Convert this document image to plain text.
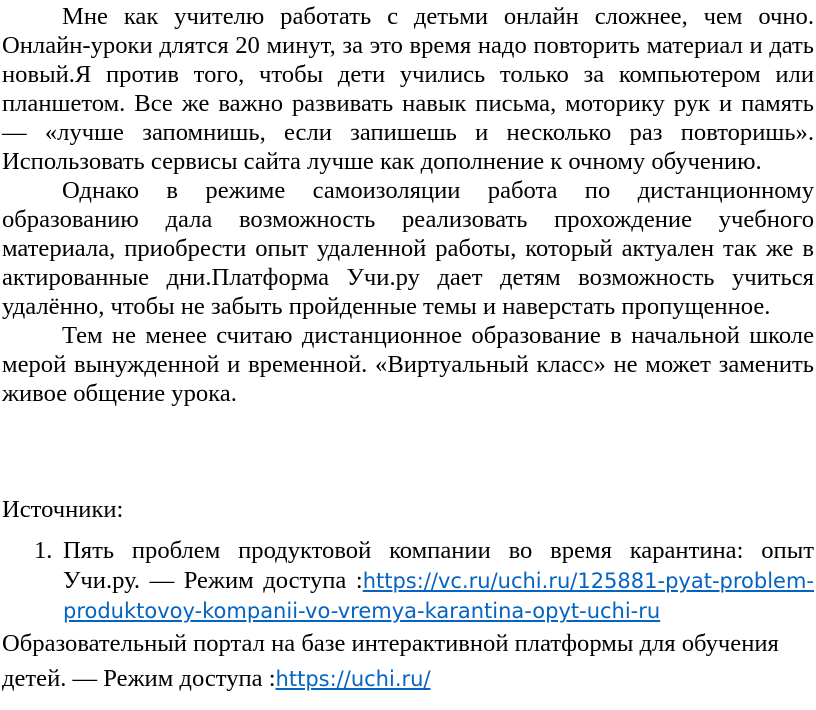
Мне как учителю работать с детьми онлайн сложнее, чем очно. Онлайн-уроки длятся 20 минут, за это время надо повторить материал и дать новый.Я против того, чтобы дети учились только за компьютером или планшетом. Все же важно развивать навык письма, моторику рук и память — «лучше запомнишь, если запишешь и несколько раз повторишь». Использовать сервисы сайта лучше как дополнение к очному обучению.

Однако в режиме самоизоляции работа по дистанционному образованию дала возможность реализовать прохождение учебного материала, приобрести опыт удаленной работы, который актуален так же в актированные дни.Платформа Учи.ру дает детям возможность учиться удалённо, чтобы не забыть пройденные темы и наверстать пропущенное.

Тем не менее считаю дистанционное образование в начальной школе мерой вынужденной и временной. «Виртуальный класс» не может заменить живое общение урока.

Источники:

1. Пять проблем продуктовой компании во время карантина: опыт Учи.ру. — Режим доступа :https://vc.ru/uchi.ru/125881-pyat-problem-produktovoy-kompanii-vo-vremya-karantina-opyt-uchi-ru

Образовательный портал на базе интерактивной платформы для обучения детей. — Режим доступа :https://uchi.ru/
